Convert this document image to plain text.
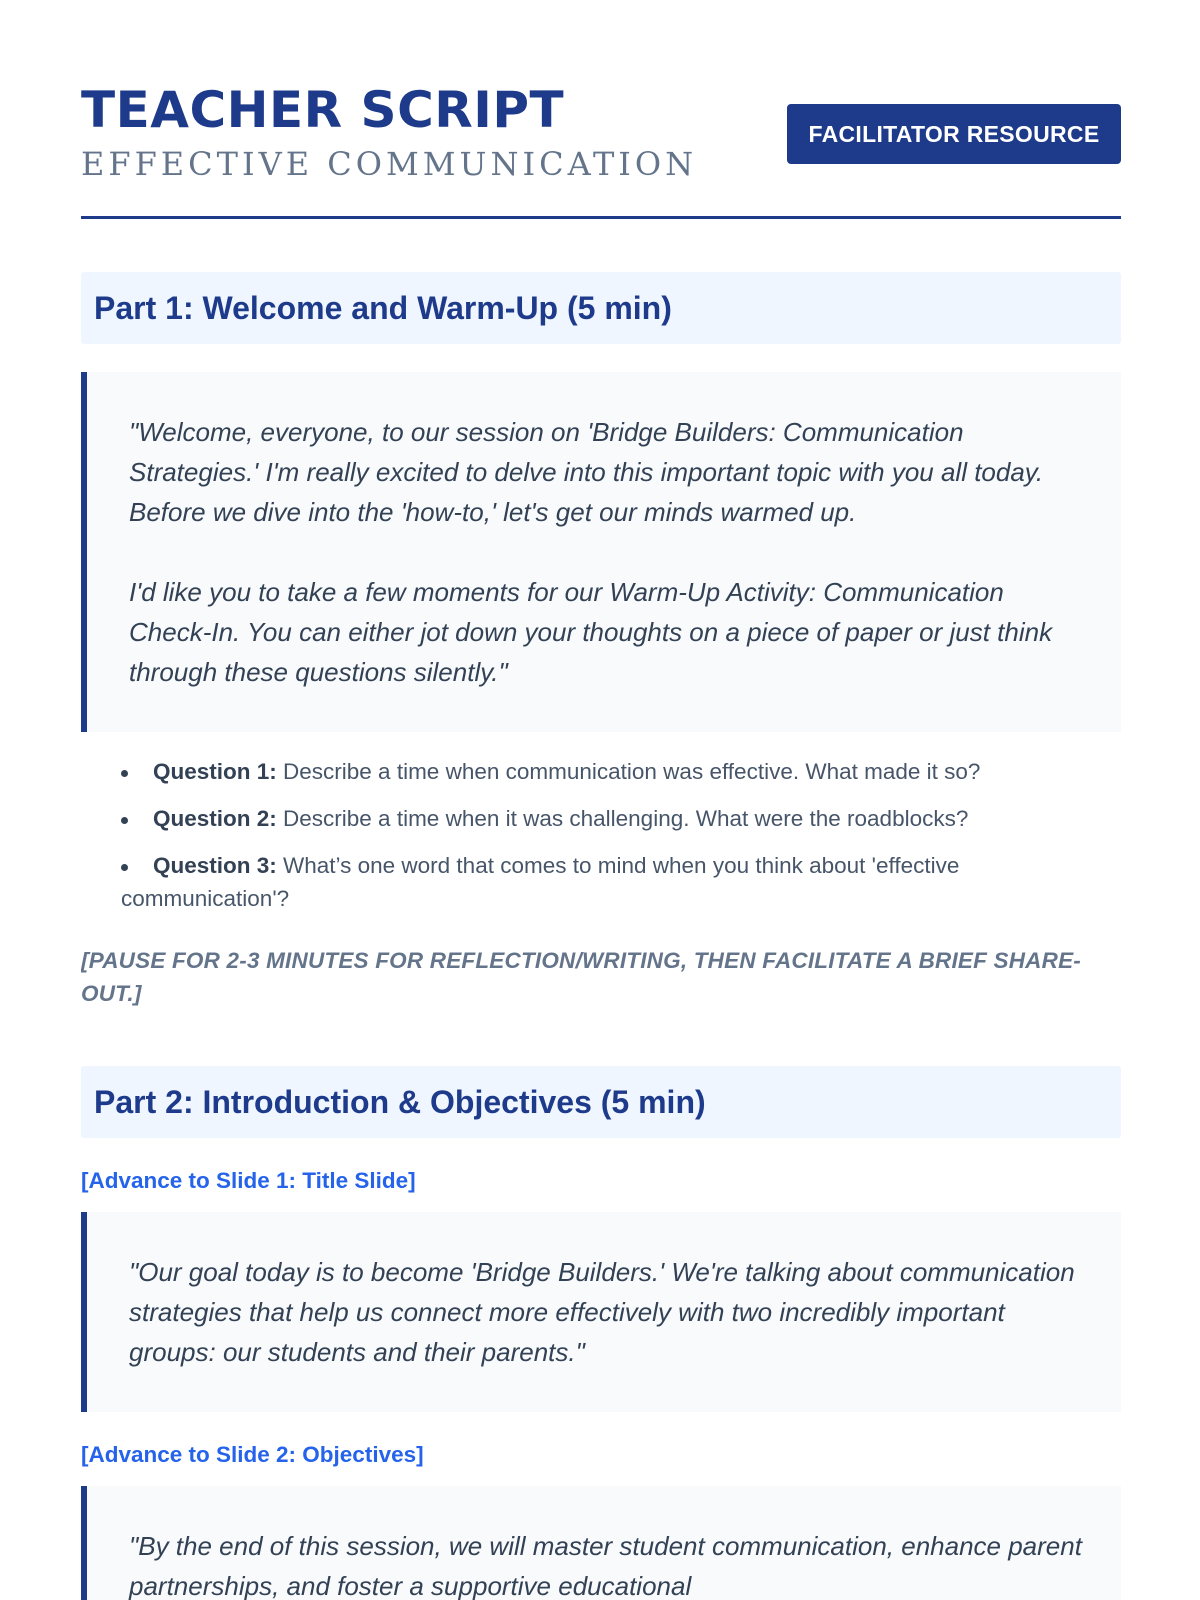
TEACHER SCRIPT
EFFECTIVE COMMUNICATION
FACILITATOR RESOURCE
Part 1: Welcome and Warm-Up (5 min)

"Welcome, everyone, to our session on 'Bridge Builders: Communication Strategies.' I'm really excited to delve into this important topic with you all today. Before we dive into the 'how-to,' let's get our minds warmed up.

I'd like you to take a few moments for our Warm-Up Activity: Communication Check-In. You can either jot down your thoughts on a piece of paper or just think through these questions silently."

Question 1: Describe a time when communication was effective. What made it so?
Question 2: Describe a time when it was challenging. What were the roadblocks?
Question 3: What’s one word that comes to mind when you think about 'effective communication'?

[PAUSE FOR 2-3 MINUTES FOR REFLECTION/WRITING, THEN FACILITATE A BRIEF SHARE-OUT.]

Part 2: Introduction & Objectives (5 min)

[Advance to Slide 1: Title Slide]

"Our goal today is to become 'Bridge Builders.' We're talking about communication strategies that help us connect more effectively with two incredibly important groups: our students and their parents."

[Advance to Slide 2: Objectives]

"By the end of this session, we will master student communication, enhance parent partnerships, and foster a supportive educational
